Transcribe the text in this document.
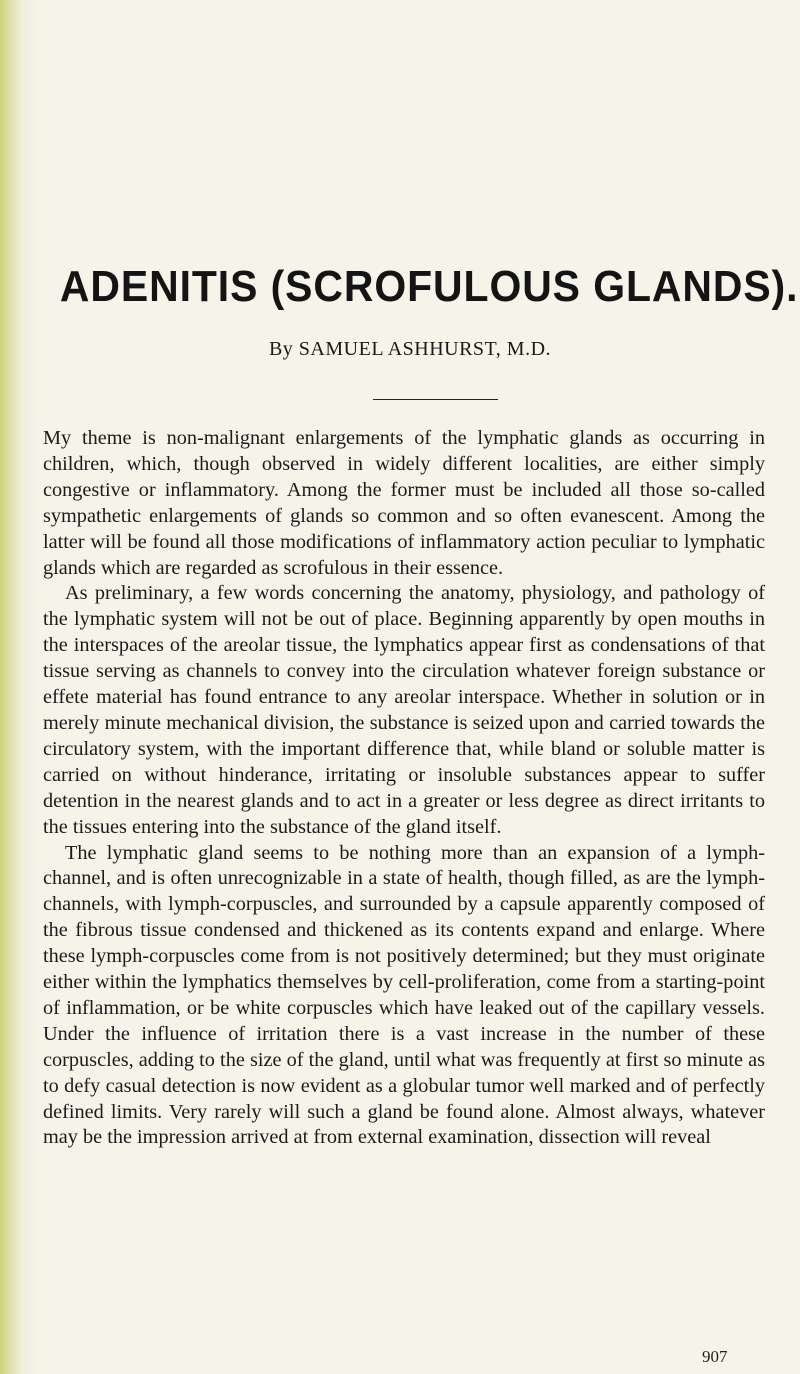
ADENITIS (SCROFULOUS GLANDS).
By SAMUEL ASHHURST, M.D.

My theme is non-malignant enlargements of the lymphatic glands as occurring in children, which, though observed in widely different localities, are either simply congestive or inflammatory. Among the former must be included all those so-called sympathetic enlargements of glands so common and so often evanescent. Among the latter will be found all those modifications of inflammatory action peculiar to lymphatic glands which are regarded as scrofulous in their essence.

As preliminary, a few words concerning the anatomy, physiology, and pathology of the lymphatic system will not be out of place. Beginning apparently by open mouths in the interspaces of the areolar tissue, the lymphatics appear first as condensations of that tissue serving as channels to convey into the circulation whatever foreign substance or effete material has found entrance to any areolar interspace. Whether in solution or in merely minute mechanical division, the substance is seized upon and carried towards the circulatory system, with the important difference that, while bland or soluble matter is carried on without hinderance, irritating or insoluble substances appear to suffer detention in the nearest glands and to act in a greater or less degree as direct irritants to the tissues entering into the substance of the gland itself.

The lymphatic gland seems to be nothing more than an expansion of a lymph-channel, and is often unrecognizable in a state of health, though filled, as are the lymph-channels, with lymph-corpuscles, and surrounded by a capsule apparently composed of the fibrous tissue condensed and thickened as its contents expand and enlarge. Where these lymph-corpuscles come from is not positively determined; but they must originate either within the lymphatics themselves by cell-proliferation, come from a starting-point of inflammation, or be white corpuscles which have leaked out of the capillary vessels. Under the influence of irritation there is a vast increase in the number of these corpuscles, adding to the size of the gland, until what was frequently at first so minute as to defy casual detection is now evident as a globular tumor well marked and of perfectly defined limits. Very rarely will such a gland be found alone. Almost always, whatever may be the impression arrived at from external examination, dissection will reveal

907
